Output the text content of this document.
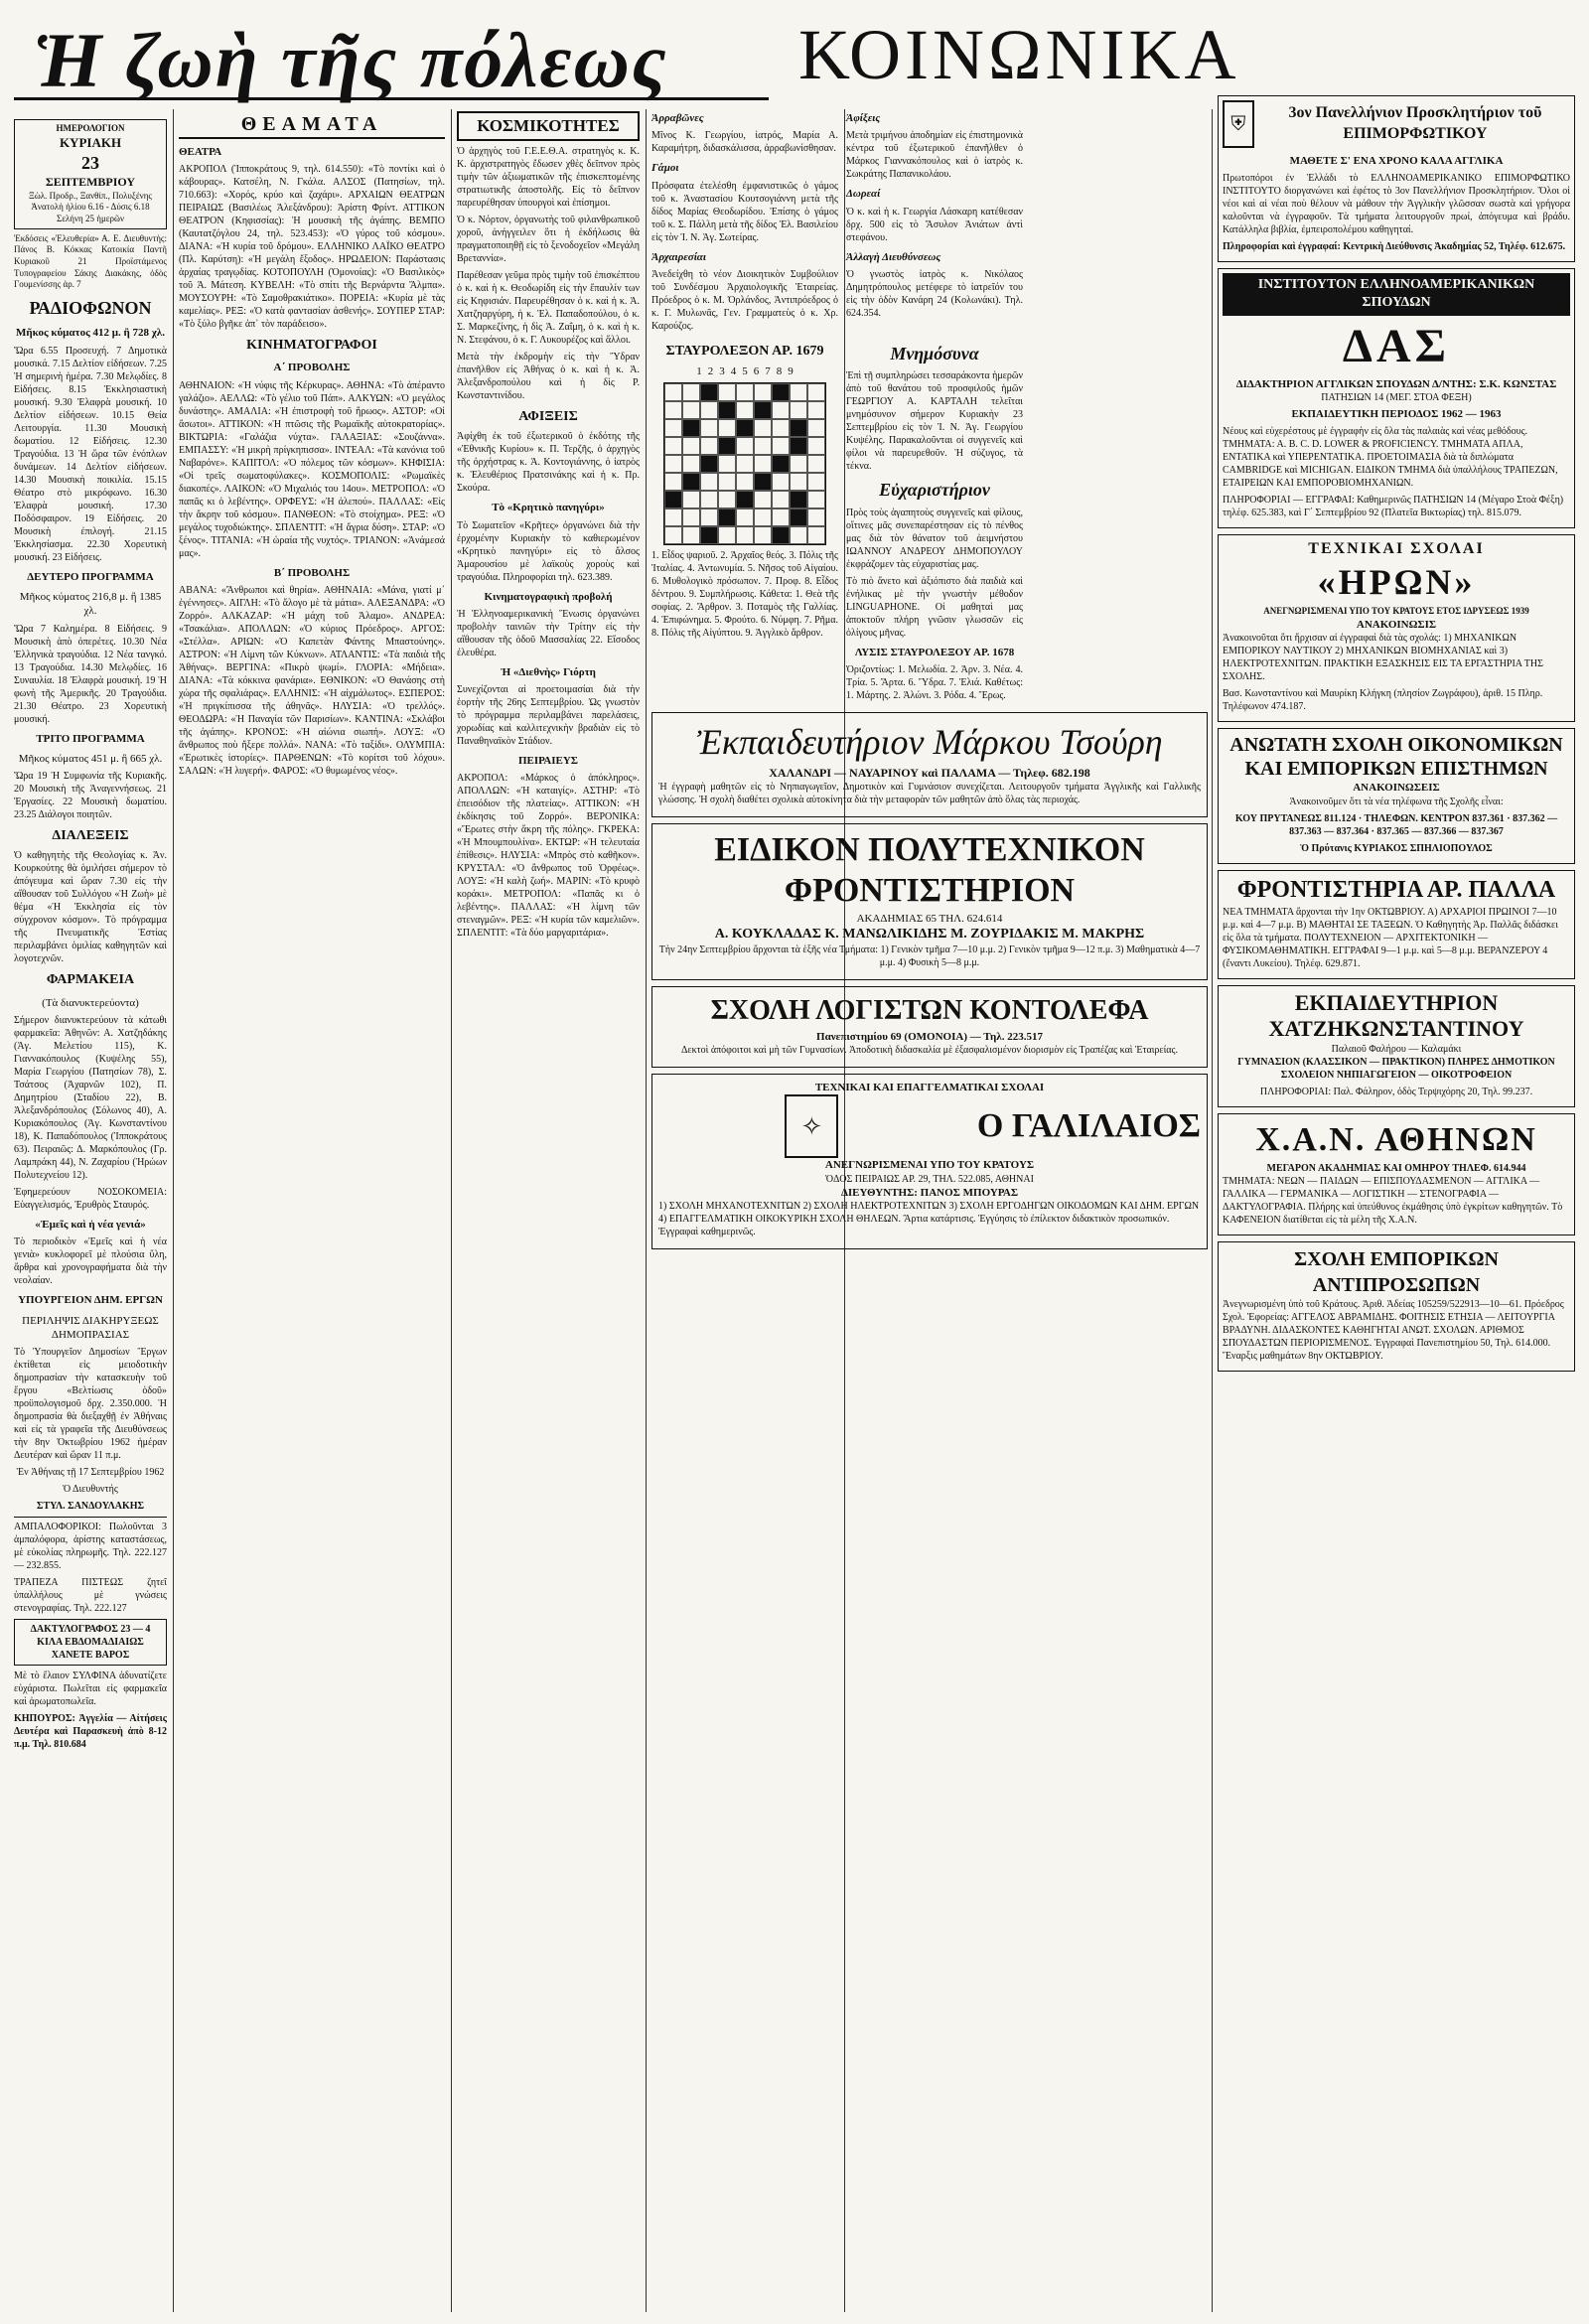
Ἡ ζωὴ τῆς πόλεως ΚΟΙΝΩΝΙΚΑ
ΗΜΕΡΟΛΟΓΙΟΝ
ΚΥΡΙΑΚΗ
23
ΣΕΠΤΕΜΒΡΙΟΥ
Ξὼλ. Προδρ., Ξανθίπ., Πολυξένης Ἀνατολὴ ἡλίου 6.16 - Δύσις 6.18 Σελήνη 25 ἡμερῶν

Ἐκδόσεις «Ἐλευθερία» Α. Ε. Διευθυντὴς: Πάνος Β. Κόκκας Κατοικία Παντῆ Κυριακοῦ 21 Προϊστάμενος Τυπογραφείου Σάκης Διακάκης, ὁδὸς Γουμενίσσης ἀρ. 7

ΡΑΔΙΟΦΩΝΟΝ
Μῆκος κύματος 412 μ. ἢ 728 χλ.

Ὥρα 6.55 Προσευχή. 7 Δημοτικὰ μουσικά. 7.15 Δελτίον εἰδήσεων. 7.25 Ἡ σημερινὴ ἡμέρα. 7.30 Μελῳδίες. 8 Εἰδήσεις. 8.15 Ἐκκλησιαστικὴ μουσική. 9.30 Ἐλαφρὰ μουσική. 10 Δελτίον εἰδήσεων. 10.15 Θεία Λειτουργία. 11.30 Μουσικὴ δωματίου. 12 Εἰδήσεις. 12.30 Τραγούδια. 13 Ἡ ὥρα τῶν ἐνόπλων δυνάμεων. 14 Δελτίον εἰδήσεων. 14.30 Μουσικὴ ποικιλία. 15.15 Θέατρο στὸ μικρόφωνο. 16.30 Ἐλαφρὰ μουσική. 17.30 Ποδόσφαιρον. 19 Εἰδήσεις. 20 Μουσικὴ ἐπιλογή. 21.15 Ἐκκλησίασμα. 22.30 Χορευτικὴ μουσική. 23 Εἰδήσεις.

ΔΕΥΤΕΡΟ ΠΡΟΓΡΑΜΜΑ
Μῆκος κύματος 216,8 μ. ἢ 1385 χλ.

Ὥρα 7 Καλημέρα. 8 Εἰδήσεις. 9 Μουσικὴ ἀπὸ ὀπερέτες. 10.30 Νέα Ἑλληνικὰ τραγούδια. 12 Νέα τανγκό. 13 Τραγούδια. 14.30 Μελῳδίες. 16 Συναυλία. 18 Ἐλαφρὰ μουσική. 19 Ἡ φωνὴ τῆς Ἀμερικῆς. 20 Τραγούδια. 21.30 Θέατρο. 23 Χορευτικὴ μουσική.

ΤΡΙΤΟ ΠΡΟΓΡΑΜΜΑ
Μῆκος κύματος 451 μ. ἢ 665 χλ.

Ὥρα 19 Ἡ Συμφωνία τῆς Κυριακῆς. 20 Μουσικὴ τῆς Ἀναγεννήσεως. 21 Ἐργασίες. 22 Μουσικὴ δωματίου. 23.25 Διάλογοι ποιητῶν.

ΔΙΑΛΕΞΕΙΣ

Ὁ καθηγητὴς τῆς Θεολογίας κ. Ἀν. Κουρκούτης θὰ ὁμιλήσει σήμερον τὸ ἀπόγευμα καὶ ὥραν 7.30 εἰς τὴν αἴθουσαν τοῦ Συλλόγου «Ἡ Ζωὴ» μὲ θέμα «Ἡ Ἐκκλησία εἰς τὸν σύγχρονον κόσμον». Τὸ πρόγραμμα τῆς Πνευματικῆς Ἑστίας περιλαμβάνει ὁμιλίας καθηγητῶν καὶ λογοτεχνῶν.

ΦΑΡΜΑΚΕΙΑ
(Τὰ διανυκτερεύοντα)

Σήμερον διανυκτερεύουν τὰ κάτωθι φαρμακεῖα: Ἀθηνῶν: Α. Χατζηδάκης (Ἀγ. Μελετίου 115), Κ. Γιαννακόπουλος (Κυψέλης 55), Μαρία Γεωργίου (Πατησίων 78), Σ. Τσάτσος (Ἀχαρνῶν 102), Π. Δημητρίου (Σταδίου 22), Β. Ἀλεξανδρόπουλος (Σόλωνος 40), Α. Κυριακόπουλος (Ἀγ. Κωνσταντίνου 18), Κ. Παπαδόπουλος (Ἱπποκράτους 63). Πειραιῶς: Δ. Μαρκόπουλος (Γρ. Λαμπράκη 44), Ν. Ζαχαρίου (Ἠρώων Πολυτεχνείου 12).

Ἐφημερεύουν ΝΟΣΟΚΟΜΕΙΑ: Εὐαγγελισμός, Ἐρυθρὸς Σταυρός.

«Ἐμεῖς καὶ ἡ νέα γενιά»

Τὸ περιοδικὸν «Ἐμεῖς καὶ ἡ νέα γενιὰ» κυκλοφορεῖ μὲ πλούσια ὕλη, ἄρθρα καὶ χρονογραφήματα διὰ τὴν νεολαίαν.

ΥΠΟΥΡΓΕΙΟΝ ΔΗΜ. ΕΡΓΩΝ
ΠΕΡΙΛΗΨΙΣ ΔΙΑΚΗΡΥΞΕΩΣ ΔΗΜΟΠΡΑΣΙΑΣ

Τὸ Ὑπουργεῖον Δημοσίων Ἔργων ἐκτίθεται εἰς μειοδοτικὴν δημοπρασίαν τὴν κατασκευὴν τοῦ ἔργου «Βελτίωσις ὁδοῦ» προϋπολογισμοῦ δρχ. 2.350.000. Ἡ δημοπρασία θὰ διεξαχθῇ ἐν Ἀθήναις καὶ εἰς τὰ γραφεῖα τῆς Διευθύνσεως τὴν 8ην Ὀκτωβρίου 1962 ἡμέραν Δευτέραν καὶ ὥραν 11 π.μ.

Ἐν Ἀθήναις τῇ 17 Σεπτεμβρίου 1962

Ὁ Διευθυντής

ΣΤΥΛ. ΣΑΝΔΟΥΛΑΚΗΣ

ΑΜΠΑΛΟΦΟΡΙΚΟΙ: Πωλοῦνται 3 ἀμπαλόφορα, ἀρίστης καταστάσεως, μὲ εὐκολίας πληρωμῆς. Τηλ. 222.127 — 232.855.

ΤΡΑΠΕΖΑ ΠΙΣΤΕΩΣ ζητεῖ ὑπαλλήλους μὲ γνώσεις στενογραφίας. Τηλ. 222.127

ΔΑΚΤΥΛΟΓΡΑΦΟΣ 23 — 4 ΚΙΛΑ ΕΒΔΟΜΑΔΙΑΙΩΣ ΧΑΝΕΤΕ ΒΑΡΟΣ

Μὲ τὸ ἔλαιον ΣΥΛΦΙΝΑ ἀδυνατίζετε εὐχάριστα. Πωλεῖται εἰς φαρμακεῖα καὶ ἀρωματοπωλεῖα.

ΚΗΠΟΥΡΟΣ: Ἀγγελία — Αἰτήσεις Δευτέρα καὶ Παρασκευὴ ἀπὸ 8-12 π.μ. Τηλ. 810.684

ΘΕΑΜΑΤΑ
ΘΕΑΤΡΑ

ΑΚΡΟΠΟΛ (Ἱπποκράτους 9, τηλ. 614.550): «Τὸ ποντίκι καὶ ὁ κάβουρας». Κατσέλη, Ν. Γκάλα. ΑΛΣΟΣ (Πατησίων, τηλ. 710.663): «Χορός, κρύο καὶ ζαχάρι». ΑΡΧΑΙΩΝ ΘΕΑΤΡΩΝ ΠΕΙΡΑΙΩΣ (Βασιλέως Ἀλεξάνδρου): Ἀρίστη Φρίντ. ΑΤΤΙΚΟΝ ΘΕΑΤΡΟΝ (Κηφισσίας): Ἡ μουσικὴ τῆς ἀγάπης. ΒΕΜΠΟ (Καυτατζόγλου 24, τηλ. 523.453): «Ὁ γύρος τοῦ κόσμου». ΔΙΑΝΑ: «Ἡ κυρία τοῦ δρόμου». ΕΛΛΗΝΙΚΟ ΛΑΪΚΟ ΘΕΑΤΡΟ (Πλ. Καρύτση): «Ἡ μεγάλη ἔξοδος». ΗΡΩΔΕΙΟΝ: Παράστασις ἀρχαίας τραγῳδίας. ΚΟΤΟΠΟΥΛΗ (Ὁμονοίας): «Ὁ Βασιλικὸς» τοῦ Ἀ. Μάτεση. ΚΥΒΕΛΗ: «Τὸ σπίτι τῆς Βερνάρντα Ἄλμπα». ΜΟΥΣΟΥΡΗ: «Τὸ Σαμοθρακιάτικο». ΠΟΡΕΙΑ: «Κυρία μὲ τὰς καμελίας». ΡΕΞ: «Ὁ κατὰ φαντασίαν ἀσθενής». ΣΟΥΠΕΡ ΣΤΑΡ: «Τὸ ξύλο βγῆκε ἀπ᾽ τὸν παράδεισο».

ΚΙΝΗΜΑΤΟΓΡΑΦΟΙ
Α΄ ΠΡΟΒΟΛΗΣ

ΑΘΗΝΑΙΟΝ: «Ἡ νύφις τῆς Κέρκυρας». ΑΘΗΝΑ: «Τὸ ἀπέραντο γαλάζιο». ΑΕΛΛΩ: «Τὸ γέλιο τοῦ Πάπ». ΑΛΚΥΩΝ: «Ὁ μεγάλος δυνάστης». ΑΜΑΛΙΑ: «Ἡ ἐπιστροφὴ τοῦ ἥρωος». ΑΣΤΟΡ: «Οἱ ἄσωτοι». ΑΤΤΙΚΟΝ: «Ἡ πτῶσις τῆς Ρωμαϊκῆς αὐτοκρατορίας». ΒΙΚΤΩΡΙΑ: «Γαλάζια νύχτα». ΓΑΛΑΞΙΑΣ: «Σουζάννα». ΕΜΠΑΣΣΥ: «Ἡ μικρὴ πρίγκηπισσα». ΙΝΤΕΑΛ: «Τὰ κανόνια τοῦ Ναβαρόνε». ΚΑΠΙΤΟΛ: «Ὁ πόλεμος τῶν κόσμων». ΚΗΦΙΣΙΑ: «Οἱ τρεῖς σωματοφύλακες». ΚΟΣΜΟΠΟΛΙΣ: «Ρωμαϊκὲς διακοπές». ΛΑΙΚΟΝ: «Ὁ Μιχαλιός του 14ου». ΜΕΤΡΟΠΟΛ: «Ὁ παπᾶς κι ὁ λεβέντης». ΟΡΦΕΥΣ: «Ἡ ἀλεπού». ΠΑΛΛΑΣ: «Εἰς τὴν ἄκρην τοῦ κόσμου». ΠΑΝΘΕΟΝ: «Τὸ στοίχημα». ΡΕΞ: «Ὁ μεγάλος τυχοδιώκτης». ΣΠΛΕΝΤΙΤ: «Ἡ ἄγρια δύση». ΣΤΑΡ: «Ὁ ξένος». ΤΙΤΑΝΙΑ: «Ἡ ὡραία τῆς νυχτός». ΤΡΙΑΝΟΝ: «Ἀνάμεσά μας».

Β΄ ΠΡΟΒΟΛΗΣ

ΑΒΑΝΑ: «Ἄνθρωποι καὶ θηρία». ΑΘΗΝΑΙΑ: «Μάνα, γιατί μ᾽ ἐγέννησες». ΑΙΓΛΗ: «Τὸ ἄλογο μὲ τὰ μάτια». ΑΛΕΞΑΝΔΡΑ: «Ὁ Ζορρό». ΑΛΚΑΖΑΡ: «Ἡ μάχη τοῦ Ἀλαμο». ΑΝΔΡΕΑ: «Τσακάλια». ΑΠΟΛΛΩΝ: «Ὁ κύριος Πρόεδρος». ΑΡΓΟΣ: «Στέλλα». ΑΡΙΩΝ: «Ὁ Καπετὰν Φάντης Μπαστούνης». ΑΣΤΡΟΝ: «Ἡ Λίμνη τῶν Κύκνων». ΑΤΛΑΝΤΙΣ: «Τὰ παιδιὰ τῆς Ἀθήνας». ΒΕΡΓΙΝΑ: «Πικρὸ ψωμί». ΓΛΟΡΙΑ: «Μήδεια». ΔΙΑΝΑ: «Τὰ κόκκινα φανάρια». ΕΘΝΙΚΟΝ: «Ὁ Θανάσης στὴ χώρα τῆς σφαλιάρας». ΕΛΛΗΝΙΣ: «Ἡ αἰχμάλωτος». ΕΣΠΕΡΟΣ: «Ἡ πριγκίπισσα τῆς ἀθηνᾶς». ΗΛΥΣΙΑ: «Ὁ τρελλός». ΘΕΟΔΩΡΑ: «Ἡ Παναγία τῶν Παρισίων». ΚΑΝΤΙΝΑ: «Σκλάβοι τῆς ἀγάπης». ΚΡΟΝΟΣ: «Ἡ αἰώνια σιωπή». ΛΟΥΞ: «Ὁ ἄνθρωπος ποὺ ἤξερε πολλά». ΝΑΝΑ: «Τὸ ταξίδι». ΟΛΥΜΠΙΑ: «Ἐρωτικὲς ἱστορίες». ΠΑΡΘΕΝΩΝ: «Τὸ κορίτσι τοῦ λόχου». ΣΑΛΩΝ: «Ἡ λυγερή». ΦΑΡΟΣ: «Ὁ θυμωμένος νέος».

ΚΟΣΜΙΚΟΤΗΤΕΣ

Ὁ ἀρχηγὸς τοῦ Γ.Ε.Ε.Θ.Α. στρατηγὸς κ. Κ. Κ. ἀρχιστρατηγὸς ἔδωσεν χθὲς δεῖπνον πρὸς τιμὴν τῶν ἀξιωματικῶν τῆς ἐπισκεπτομένης στρατιωτικῆς ἀποστολῆς. Εἰς τὸ δεῖπνον παρευρέθησαν ὑπουργοὶ καὶ ἐπίσημοι.

Ὁ κ. Νόρτον, ὀργανωτὴς τοῦ φιλανθρωπικοῦ χοροῦ, ἀνήγγειλεν ὅτι ἡ ἑκδήλωσις θὰ πραγματοποιηθῇ εἰς τὸ ξενοδοχεῖον «Μεγάλη Βρεταννία».

Παρέθεσαν γεῦμα πρὸς τιμὴν τοῦ ἐπισκέπτου ὁ κ. καὶ ἡ κ. Θεοδωρίδη εἰς τὴν ἔπαυλίν των εἰς Κηφισιάν. Παρευρέθησαν ὁ κ. καὶ ἡ κ. Ἀ. Χατζηαργύρη, ἡ κ. Ἑλ. Παπαδοπούλου, ὁ κ. Σ. Μαρκεζίνης, ἡ δὶς Ἀ. Ζαΐμη, ὁ κ. καὶ ἡ κ. Ν. Στεφάνου, ὁ κ. Γ. Λυκουρέζος καὶ ἄλλοι.

Μετὰ τὴν ἐκδρομὴν εἰς τὴν Ὕδραν ἐπανῆλθον εἰς Ἀθήνας ὁ κ. καὶ ἡ κ. Ἀ. Ἀλεξανδροπούλου καὶ ἡ δὶς Ρ. Κωνσταντινίδου.

ΑΦΙΞΕΙΣ

Ἀφίχθη ἐκ τοῦ ἐξωτερικοῦ ὁ ἐκδότης τῆς «Ἐθνικῆς Κυρίου» κ. Π. Τερζῆς, ὁ ἀρχηγὸς τῆς ὀρχήστρας κ. Ἀ. Κοντογιάννης, ὁ ἰατρὸς κ. Ἐλευθέριος Πρατσινάκης καὶ ἡ κ. Πρ. Σκούρα.

Τὸ «Κρητικὸ πανηγύρι»

Τὸ Σωματεῖον «Κρῆτες» ὀργανώνει διὰ τὴν ἐρχομένην Κυριακὴν τὸ καθιερωμένον «Κρητικὸ πανηγύρι» εἰς τὸ ἄλσος Ἀμαρουσίου μὲ λαϊκοὺς χοροὺς καὶ τραγούδια. Πληροφορίαι τηλ. 623.389.

Κινηματογραφικὴ προβολή

Ἡ Ἑλληνοαμερικανικὴ Ἕνωσις ὀργανώνει προβολὴν ταινιῶν τὴν Τρίτην εἰς τὴν αἴθουσαν τῆς ὁδοῦ Μασσαλίας 22. Εἴσοδος ἐλευθέρα.

Ἡ «Διεθνὴς» Γιόρτη

Συνεχίζονται αἱ προετοιμασίαι διὰ τὴν ἑορτὴν τῆς 26ης Σεπτεμβρίου. Ὡς γνωστὸν τὸ πρόγραμμα περιλαμβάνει παρελάσεις, χορωδίας καὶ καλλιτεχνικὴν βραδιὰν εἰς τὸ Παναθηναϊκὸν Στάδιον.

ΠΕΙΡΑΙΕΥΣ

ΑΚΡΟΠΟΛ: «Μάρκος ὁ ἀπόκληρος». ΑΠΟΛΛΩΝ: «Ἡ καταιγίς». ΑΣΤΗΡ: «Τὸ ἐπεισόδιον τῆς πλατείας». ΑΤΤΙΚΟΝ: «Ἡ ἐκδίκησις τοῦ Ζορρό». ΒΕΡΟΝΙΚΑ: «Ἔρωτες στὴν ἄκρη τῆς πόλης». ΓΚΡΕΚΑ: «Ἡ Μπουμπουλίνα». ΕΚΤΩΡ: «Ἡ τελευταία ἐπίθεσις». ΗΛΥΣΙΑ: «Μπρὸς στὸ καθῆκον». ΚΡΥΣΤΑΛ: «Ὁ ἄνθρωπος τοῦ Ὀρφέως». ΛΟΥΞ: «Ἡ καλὴ ζωή». ΜΑΡΙΝ: «Τὸ κρυφὸ κοράκι». ΜΕΤΡΟΠΟΛ: «Παπᾶς κι ὁ λεβέντης». ΠΑΛΛΑΣ: «Ἡ λίμνη τῶν στεναγμῶν». ΡΕΞ: «Ἡ κυρία τῶν καμελιῶν». ΣΠΛΕΝΤΙΤ: «Τὰ δύο μαργαριτάρια».

Ἀρραβῶνες

Μῖνος Κ. Γεωργίου, ἰατρός, Μαρία Α. Καραμήτρη, διδασκάλισσα, ἀρραβωνίσθησαν.

Γάμοι

Πρόσφατα ἐτελέσθη ἐμφανιστικῶς ὁ γάμος τοῦ κ. Ἀναστασίου Κουτσογιάννη μετὰ τῆς δίδος Μαρίας Θεοδωρίδου. Ἐπίσης ὁ γάμος τοῦ κ. Σ. Πάλλη μετὰ τῆς δίδος Ἑλ. Βασιλείου εἰς τὸν Ἱ. Ν. Ἁγ. Σωτείρας.

Ἀρχαιρεσίαι

Ἀνεδείχθη τὸ νέον Διοικητικὸν Συμβούλιον τοῦ Συνδέσμου Ἀρχαιολογικῆς Ἑταιρείας. Πρόεδρος ὁ κ. Μ. Ὀρλάνδος, Ἀντιπρόεδρος ὁ κ. Γ. Μυλωνᾶς, Γεν. Γραμματεὺς ὁ κ. Χρ. Καρούζος.

Ἀφίξεις

Μετὰ τριμήνου ἀποδημίαν εἰς ἐπιστημονικὰ κέντρα τοῦ ἐξωτερικοῦ ἐπανῆλθεν ὁ Μάρκος Γιαννακόπουλος καὶ ὁ ἰατρὸς κ. Σωκράτης Παπανικολάου.

Δωρεαί

Ὁ κ. καὶ ἡ κ. Γεωργία Λάσκαρη κατέθεσαν δρχ. 500 εἰς τὸ Ἄσυλον Ἀνιάτων ἀντὶ στεφάνου.

Ἀλλαγὴ Διευθύνσεως

Ὁ γνωστὸς ἰατρὸς κ. Νικόλαος Δημητρόπουλος μετέφερε τὸ ἰατρεῖόν του εἰς τὴν ὁδὸν Κανάρη 24 (Κολωνάκι). Τηλ. 624.354.

ΣΤΑΥΡΟΛΕΞΟΝ ΑΡ. 1679
1 2 3 4 5 6 7 8 9

1. Εἶδος ψαριοῦ. 2. Ἀρχαῖος θεός. 3. Πόλις τῆς Ἰταλίας. 4. Ἀντωνυμία. 5. Νῆσος τοῦ Αἰγαίου. 6. Μυθολογικὸ πρόσωπον. 7. Προφ. 8. Εἶδος δέντρου. 9. Συμπλήρωσις. Κάθετα: 1. Θεὰ τῆς σοφίας. 2. Ἄρθρον. 3. Ποταμὸς τῆς Γαλλίας. 4. Ἐπιφώνημα. 5. Φρούτο. 6. Νύμφη. 7. Ρῆμα. 8. Πόλις τῆς Αἰγύπτου. 9. Ἀγγλικὸ ἄρθρον.

Μνημόσυνα

Ἐπὶ τῇ συμπληρώσει τεσσαράκοντα ἡμερῶν ἀπὸ τοῦ θανάτου τοῦ προσφιλοῦς ἡμῶν ΓΕΩΡΓΙΟΥ Α. ΚΑΡΤΑΛΗ τελεῖται μνημόσυνον σήμερον Κυριακὴν 23 Σεπτεμβρίου εἰς τὸν Ἱ. Ν. Ἁγ. Γεωργίου Κυψέλης. Παρακαλοῦνται οἱ συγγενεῖς καὶ φίλοι νὰ παρευρεθοῦν. Ἡ σύζυγος, τὰ τέκνα.

Εὐχαριστήριον

Πρὸς τοὺς ἀγαπητοὺς συγγενεῖς καὶ φίλους, οἵτινες μᾶς συνεπαρέστησαν εἰς τὸ πένθος μας διὰ τὸν θάνατον τοῦ ἀειμνήστου ΙΩΑΝΝΟΥ ΑΝΔΡΕΟΥ ΔΗΜΟΠΟΥΛΟΥ ἐκφράζομεν τὰς εὐχαριστίας μας.

Τὸ πιὸ ἄνετο καὶ ἀξιόπιστο διὰ παιδιὰ καὶ ἐνήλικας μὲ τὴν γνωστὴν μέθοδον LINGUAPHONE. Οἱ μαθηταὶ μας ἀποκτοῦν πλήρη γνῶσιν γλωσσῶν εἰς ὀλίγους μῆνας.

ΛΥΣΙΣ ΣΤΑΥΡΟΛΕΞΟΥ ΑΡ. 1678

Ὁριζοντίως: 1. Μελωδία. 2. Ἀρν. 3. Νέα. 4. Τρία. 5. Ἄρτα. 6. Ὕδρα. 7. Ἐλιά. Καθέτως: 1. Μάρτης. 2. Ἀλώνι. 3. Ρόδα. 4. Ἔρως.

Ἐκπαιδευτήριον Μάρκου Τσούρη
ΧΑΛΑΝΔΡΙ — ΝΑΥΑΡΙΝΟΥ καὶ ΠΑΛΑΜΑ — Τηλεφ. 682.198

Ἡ ἐγγραφὴ μαθητῶν εἰς τὸ Νηπιαγωγεῖον, Δημοτικὸν καὶ Γυμνάσιον συνεχίζεται. Λειτουργοῦν τμήματα Ἀγγλικῆς καὶ Γαλλικῆς γλώσσης. Ἡ σχολὴ διαθέτει σχολικὰ αὐτοκίνητα διὰ τὴν μεταφορὰν τῶν μαθητῶν ἀπὸ ὅλας τὰς περιοχάς.

ΕΙΔΙΚΟΝ ΠΟΛΥΤΕΧΝΙΚΟΝ ΦΡΟΝΤΙΣΤΗΡΙΟΝ
ΑΚΑΔΗΜΙΑΣ 65 ΤΗΛ. 624.614
Α. ΚΟΥΚΛΑΔΑΣ Κ. ΜΑΝΩΛΙΚΙΔΗΣ Μ. ΖΟΥΡΙΔΑΚΙΣ Μ. ΜΑΚΡΗΣ

Τὴν 24ην Σεπτεμβρίου ἄρχονται τὰ ἑξῆς νέα Τμήματα: 1) Γενικὸν τμῆμα 7—10 μ.μ. 2) Γενικὸν τμῆμα 9—12 π.μ. 3) Μαθηματικὰ 4—7 μ.μ. 4) Φυσικὴ 5—8 μ.μ.

ΣΧΟΛΗ ΛΟΓΙΣΤΩΝ ΚΟΝΤΟΛΕΦΑ
Πανεπιστημίου 69 (ΟΜΟΝΟΙΑ) — Τηλ. 223.517

Δεκτοὶ ἀπόφοιτοι καὶ μὴ τῶν Γυμνασίων. Ἀποδοτικὴ διδασκαλία μὲ ἐξασφαλισμένον διορισμὸν εἰς Τραπέζας καὶ Ἑταιρείας.

ΤΕΧΝΙΚΑΙ ΚΑΙ ΕΠΑΓΓΕΛΜΑΤΙΚΑΙ ΣΧΟΛΑΙ
✧	Ο ΓΑΛΙΛΑΙΟΣ
ΑΝΕΓΝΩΡΙΣΜΕΝΑΙ ΥΠΟ ΤΟΥ ΚΡΑΤΟΥΣ
ὉΔΟΣ ΠΕΙΡΑΙΩΣ ΑΡ. 29, ΤΗΛ. 522.085, ΑΘΗΝΑΙ
ΔΙΕΥΘΥΝΤΗΣ: ΠΑΝΟΣ ΜΠΟΥΡΑΣ

1) ΣΧΟΛΗ ΜΗΧΑΝΟΤΕΧΝΙΤΩΝ 2) ΣΧΟΛΗ ΗΛΕΚΤΡΟΤΕΧΝΙΤΩΝ 3) ΣΧΟΛΗ ΕΡΓΟΔΗΓΩΝ ΟΙΚΟΔΟΜΩΝ ΚΑΙ ΔΗΜ. ΕΡΓΩΝ 4) ΕΠΑΓΓΕΛΜΑΤΙΚΗ ΟΙΚΟΚΥΡΙΚΗ ΣΧΟΛΗ ΘΗΛΕΩΝ. Ἄρτια κατάρτισις. Ἐγγύησις τὸ ἐπίλεκτον διδακτικὸν προσωπικόν. Ἐγγραφαὶ καθημερινῶς.

⛨
3ον Πανελλήνιον Προσκλητήριον τοῦ ΕΠΙΜΟΡΦΩΤΙΚΟΥ
ΜΑΘΕΤΕ Σ' ΕΝΑ ΧΡΟΝΟ ΚΑΛΑ ΑΓΓΛΙΚΑ

Πρωτοπόροι ἐν Ἑλλάδι τὸ ΕΛΛΗΝΟΑΜΕΡΙΚΑΝΙΚΟ ΕΠΙΜΟΡΦΩΤΙΚΟ ΙΝΣΤΙΤΟΥΤΟ διοργανώνει καὶ ἐφέτος τὸ 3ον Πανελλήνιον Προσκλητήριον. Ὅλοι οἱ νέοι καὶ αἱ νέαι ποὺ θέλουν νὰ μάθουν τὴν Ἀγγλικὴν γλῶσσαν σωστὰ καὶ γρήγορα καλοῦνται νὰ ἐγγραφοῦν. Τὰ τμήματα λειτουργοῦν πρωί, ἀπόγευμα καὶ βράδυ. Κατάλληλα βιβλία, ἐμπειροπολέμου καθηγηταί.

Πληροφορίαι καὶ ἐγγραφαί: Κεντρικὴ Διεύθυνσις Ἀκαδημίας 52, Τηλέφ. 612.675.

ΙΝΣΤΙΤΟΥΤΟΝ ΕΛΛΗΝΟΑΜΕΡΙΚΑΝΙΚΩΝ ΣΠΟΥΔΩΝ
ΔΑΣ
ΔΙΔΑΚΤΗΡΙΟΝ ΑΓΓΛΙΚΩΝ ΣΠΟΥΔΩΝ Δ/ΝΤΗΣ: Σ.Κ. ΚΩΝΣΤΑΣ
ΠΑΤΗΣΙΩΝ 14 (ΜΕΓ. ΣΤΟΑ ΦΕΞΗ)
ΕΚΠΑΙΔΕΥΤΙΚΗ ΠΕΡΙΟΔΟΣ 1962 — 1963

Νέους καὶ εὐχερέστους μὲ ἐγγραφὴν εἰς ὅλα τὰς παλαιὰς καὶ νέας μεθόδους. ΤΜΗΜΑΤΑ: Α. Β. C. D. LOWER & PROFICIENCY. ΤΜΗΜΑΤΑ ΑΠΛΑ, ΕΝΤΑΤΙΚΑ καὶ ΥΠΕΡΕΝΤΑΤΙΚΑ. ΠΡΟΕΤΟΙΜΑΣΙΑ διὰ τὰ διπλώματα CAMBRIDGE καὶ MICHIGAN. ΕΙΔΙΚΟΝ ΤΜΗΜΑ διὰ ὑπαλλήλους ΤΡΑΠΕΖΩΝ, ΕΤΑΙΡΕΙΩΝ ΚΑΙ ΕΜΠΟΡΟΒΙΟΜΗΧΑΝΙΩΝ.

ΠΛΗΡΟΦΟΡΙΑΙ — ΕΓΓΡΑΦΑΙ: Καθημερινῶς ΠΑΤΗΣΙΩΝ 14 (Μέγαρο Στοὰ Φέξη) τηλέφ. 625.383, καὶ Γ΄ Σεπτεμβρίου 92 (Πλατεῖα Βικτωρίας) τηλ. 815.079.

ΤΕΧΝΙΚΑΙ ΣΧΟΛΑΙ
«ΗΡΩΝ»
ΑΝΕΓΝΩΡΙΣΜΕΝΑΙ ΥΠΟ ΤΟΥ ΚΡΑΤΟΥΣ ΕΤΟΣ ΙΔΡΥΣΕΩΣ 1939
ΑΝΑΚΟΙΝΩΣΙΣ

Ἀνακοινοῦται ὅτι ἤρχισαν αἱ ἐγγραφαὶ διὰ τὰς σχολάς: 1) ΜΗΧΑΝΙΚΩΝ ΕΜΠΟΡΙΚΟΥ ΝΑΥΤΙΚΟΥ 2) ΜΗΧΑΝΙΚΩΝ ΒΙΟΜΗΧΑΝΙΑΣ καὶ 3) ΗΛΕΚΤΡΟΤΕΧΝΙΤΩΝ. ΠΡΑΚΤΙΚΗ ΕΞΑΣΚΗΣΙΣ ΕΙΣ ΤΑ ΕΡΓΑΣΤΗΡΙΑ ΤΗΣ ΣΧΟΛΗΣ.

Βασ. Κωνσταντίνου καὶ Μαυρίκη Κλήγκη (πλησίον Ζωγράφου), ἀριθ. 15 Πληρ. Τηλέφωνον 474.187.

ΑΝΩΤΑΤΗ ΣΧΟΛΗ ΟΙΚΟΝΟΜΙΚΩΝ ΚΑΙ ΕΜΠΟΡΙΚΩΝ ΕΠΙΣΤΗΜΩΝ
ΑΝΑΚΟΙΝΩΣΕΙΣ

Ἀνακοινοῦμεν ὅτι τὰ νέα τηλέφωνα τῆς Σχολῆς εἶναι:

ΚΟΥ ΠΡΥΤΑΝΕΩΣ 811.124 · ΤΗΛΕΦΩΝ. ΚΕΝΤΡΟΝ 837.361 · 837.362 — 837.363 — 837.364 · 837.365 — 837.366 — 837.367

Ὁ Πρύτανις ΚΥΡΙΑΚΟΣ ΣΠΗΛΙΟΠΟΥΛΟΣ

ΦΡΟΝΤΙΣΤΗΡΙΑ ΑΡ. ΠΑΛΛΑ

ΝΕΑ ΤΜΗΜΑΤΑ ἄρχονται τὴν 1ην ΟΚΤΩΒΡΙΟΥ. Α) ΑΡΧΑΡΙΟΙ ΠΡΩΙΝΟΙ 7—10 μ.μ. καὶ 4—7 μ.μ. Β) ΜΑΘΗΤΑΙ ΣΕ ΤΑΞΕΩΝ. Ὁ Καθηγητὴς Ἀρ. Παλλᾶς διδάσκει εἰς ὅλα τὰ τμήματα. ΠΟΛΥΤΕΧΝΕΙΟΝ — ΑΡΧΙΤΕΚΤΟΝΙΚΗ — ΦΥΣΙΚΟΜΑΘΗΜΑΤΙΚΗ. ΕΓΓΡΑΦΑΙ 9—1 μ.μ. καὶ 5—8 μ.μ. ΒΕΡΑΝΖΕΡΟΥ 4 (ἔναντι Λυκείου). Τηλέφ. 629.871.

ΕΚΠΑΙΔΕΥΤΗΡΙΟΝ ΧΑΤΖΗΚΩΝΣΤΑΝΤΙΝΟΥ
Παλαιοῦ Φαλήρου — Καλαμάκι

ΓΥΜΝΑΣΙΟΝ (ΚΛΑΣΣΙΚΟΝ — ΠΡΑΚΤΙΚΟΝ) ΠΛΗΡΕΣ ΔΗΜΟΤΙΚΟΝ ΣΧΟΛΕΙΟΝ ΝΗΠΙΑΓΩΓΕΙΟΝ — ΟΙΚΟΤΡΟΦΕΙΟΝ

ΠΛΗΡΟΦΟΡΙΑΙ: Παλ. Φάληρον, ὁδὸς Τερψιχόρης 20, Τηλ. 99.237.

Χ.Α.Ν. ΑΘΗΝΩΝ
ΜΕΓΑΡΟΝ ΑΚΑΔΗΜΙΑΣ ΚΑΙ ΟΜΗΡΟΥ ΤΗΛΕΦ. 614.944

ΤΜΗΜΑΤΑ: ΝΕΩΝ — ΠΑΙΔΩΝ — ΕΠΙΣΠΟΥΔΑΣΜΕΝΟΝ — ΑΓΓΛΙΚΑ — ΓΑΛΛΙΚΑ — ΓΕΡΜΑΝΙΚΑ — ΛΟΓΙΣΤΙΚΗ — ΣΤΕΝΟΓΡΑΦΙΑ — ΔΑΚΤΥΛΟΓΡΑΦΙΑ. Πλήρης καὶ ὑπεύθυνος ἐκμάθησις ὑπὸ ἐγκρίτων καθηγητῶν. Τὸ ΚΑΦΕΝΕΙΟΝ διατίθεται εἰς τὰ μέλη τῆς Χ.Α.Ν.

ΣΧΟΛΗ ΕΜΠΟΡΙΚΩΝ ΑΝΤΙΠΡΟΣΩΠΩΝ

Ἀνεγνωρισμένη ὑπὸ τοῦ Κράτους. Ἀριθ. Ἀδείας 105259/522913—10—61. Πρόεδρος Σχολ. Ἐφορείας: ΑΓΓΕΛΟΣ ΑΒΡΑΜΙΔΗΣ. ΦΟΙΤΗΣΙΣ ΕΤΗΣΙΑ — ΛΕΙΤΟΥΡΓΙΑ ΒΡΑΔΥΝΗ. ΔΙΔΑΣΚΟΝΤΕΣ ΚΑΘΗΓΗΤΑΙ ΑΝΩΤ. ΣΧΟΛΩΝ. ΑΡΙΘΜΟΣ ΣΠΟΥΔΑΣΤΩΝ ΠΕΡΙΟΡΙΣΜΕΝΟΣ. Ἐγγραφαὶ Πανεπιστημίου 50, Τηλ. 614.000. Ἔναρξις μαθημάτων 8ην ΟΚΤΩΒΡΙΟΥ.
